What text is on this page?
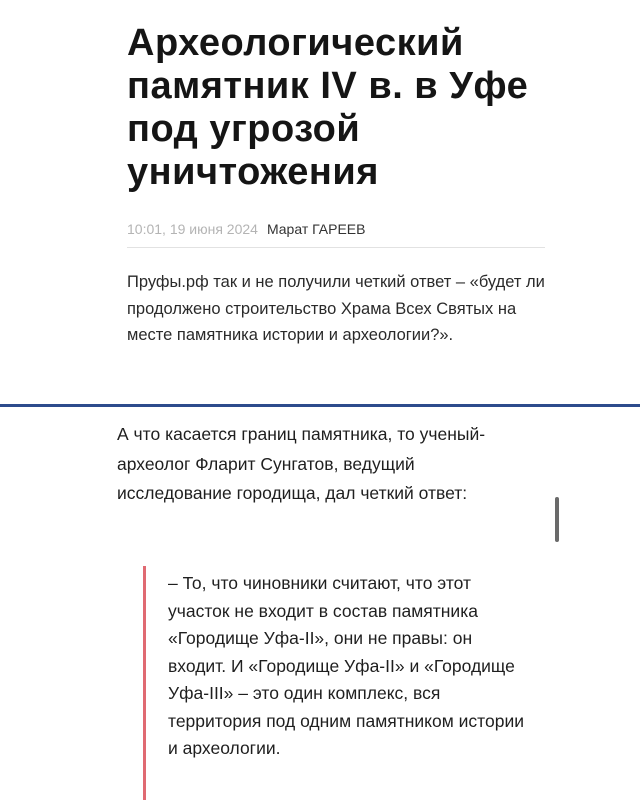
Археологический памятник IV в. в Уфе под угрозой уничтожения
10:01, 19 июня 2024 Марат ГАРЕЕВ

Пруфы.рф так и не получили четкий ответ – «будет ли продолжено строительство Храма Всех Святых на месте памятника истории и археологии?».

А что касается границ памятника, то ученый-археолог Фларит Сунгатов, ведущий исследование городища, дал четкий ответ:

– То, что чиновники считают, что этот участок не входит в состав памятника «Городище Уфа-II», они не правы: он входит. И «Городище Уфа-II» и «Городище Уфа-III» – это один комплекс, вся территория под одним памятником истории и археологии.
